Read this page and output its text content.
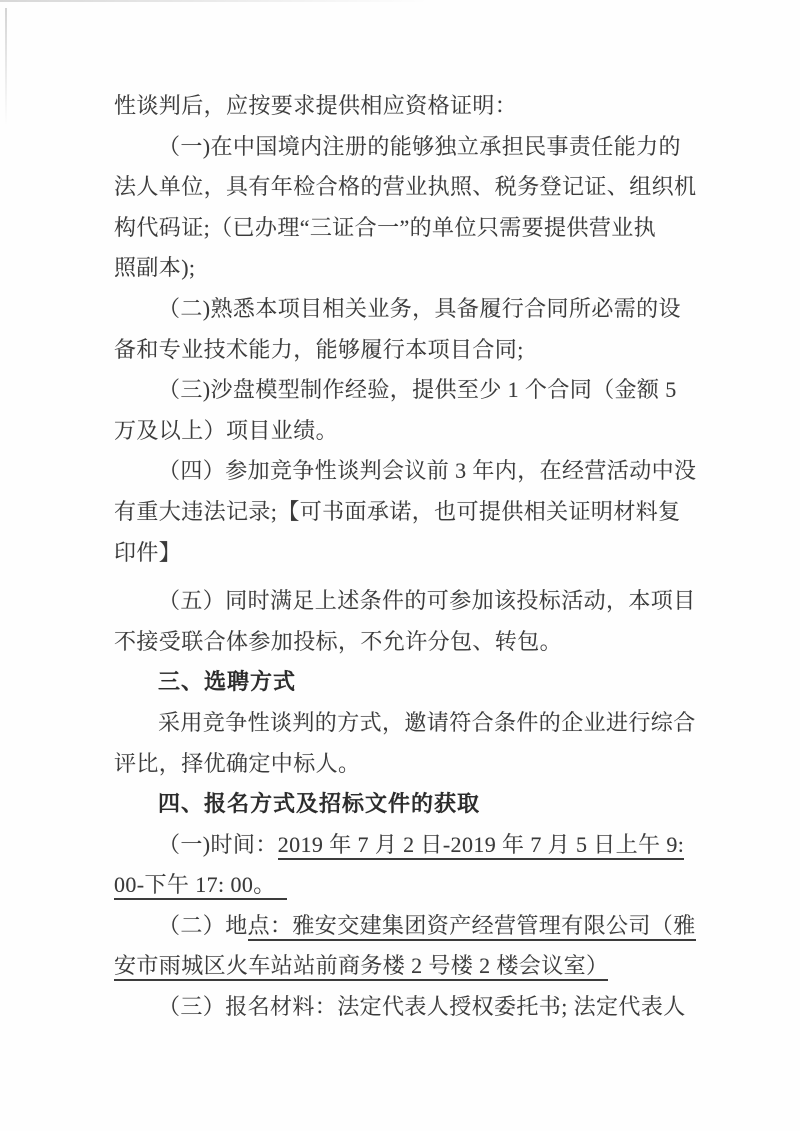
性谈判后，应按要求提供相应资格证明：
（一)在中国境内注册的能够独立承担民事责任能力的
法人单位，具有年检合格的营业执照、税务登记证、组织机
构代码证;（已办理“三证合一”的单位只需要提供营业执
照副本);
（二)熟悉本项目相关业务，具备履行合同所必需的设
备和专业技术能力，能够履行本项目合同;
（三)沙盘模型制作经验，提供至少 1 个合同（金额 5
万及以上）项目业绩。
（四）参加竞争性谈判会议前 3 年内，在经营活动中没
有重大违法记录;【可书面承诺，也可提供相关证明材料复
印件】
（五）同时满足上述条件的可参加该投标活动，本项目
不接受联合体参加投标，不允许分包、转包。
三、选聘方式
采用竞争性谈判的方式，邀请符合条件的企业进行综合
评比，择优确定中标人。
四、报名方式及招标文件的获取
（一)时间：2019 年 7 月 2 日-2019 年 7 月 5 日上午 9:
00-下午 17: 00。　
（二）地点：雅安交建集团资产经营管理有限公司（雅
安市雨城区火车站站前商务楼 2 号楼 2 楼会议室）
（三）报名材料：法定代表人授权委托书; 法定代表人
